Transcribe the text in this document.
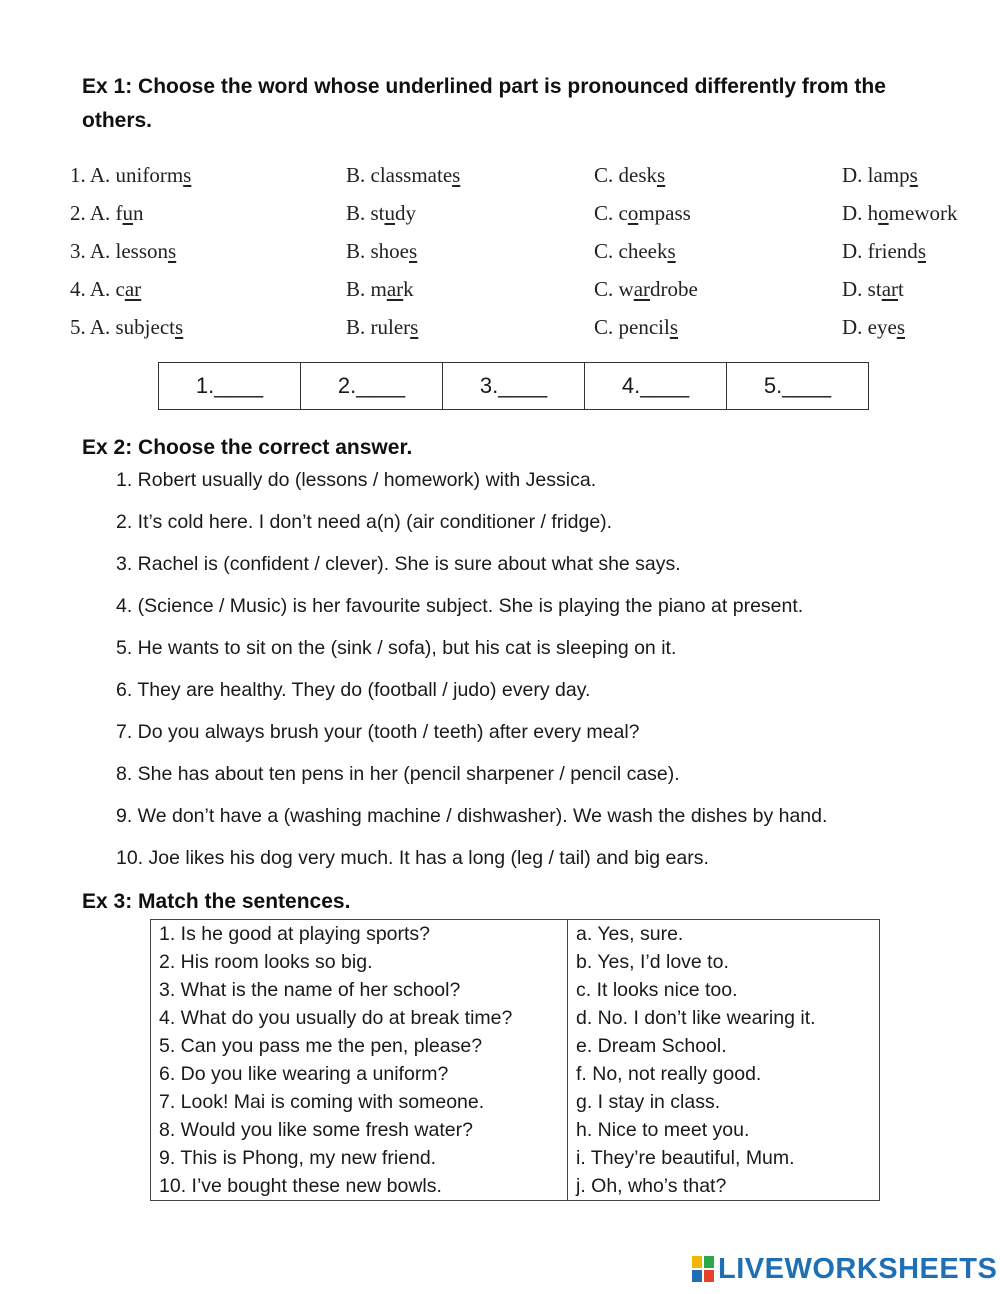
Ex 1: Choose the word whose underlined part is pronounced differently from the others.
1. A. uniforms	B. classmates	C. desks	D. lamps
2. A. fun	B. study	C. compass	D. homework
3. A. lessons	B. shoes	C. cheeks	D. friends
4. A. car	B. mark	C. wardrobe	D. start
5. A. subjects	B. rulers	C. pencils	D. eyes
1.____	2.____	3.____	4.____	5.____
Ex 2: Choose the correct answer.
1. Robert usually do (lessons / homework) with Jessica.
2. It’s cold here. I don’t need a(n) (air conditioner / fridge).
3. Rachel is (confident / clever). She is sure about what she says.
4. (Science / Music) is her favourite subject. She is playing the piano at present.
5. He wants to sit on the (sink / sofa), but his cat is sleeping on it.
6. They are healthy. They do (football / judo) every day.
7. Do you always brush your (tooth / teeth) after every meal?
8. She has about ten pens in her (pencil sharpener / pencil case).
9. We don’t have a (washing machine / dishwasher). We wash the dishes by hand.
10. Joe likes his dog very much. It has a long (leg / tail) and big ears.
Ex 3: Match the sentences.
1. Is he good at playing sports?	a. Yes, sure.
2. His room looks so big.	b. Yes, I’d love to.
3. What is the name of her school?	c. It looks nice too.
4. What do you usually do at break time?	d. No. I don’t like wearing it.
5. Can you pass me the pen, please?	e. Dream School.
6. Do you like wearing a uniform?	f. No, not really good.
7. Look! Mai is coming with someone.	g. I stay in class.
8. Would you like some fresh water?	h. Nice to meet you.
9. This is Phong, my new friend.	i. They’re beautiful, Mum.
10. I’ve bought these new bowls.	j. Oh, who’s that?
LIVEWORKSHEETS
